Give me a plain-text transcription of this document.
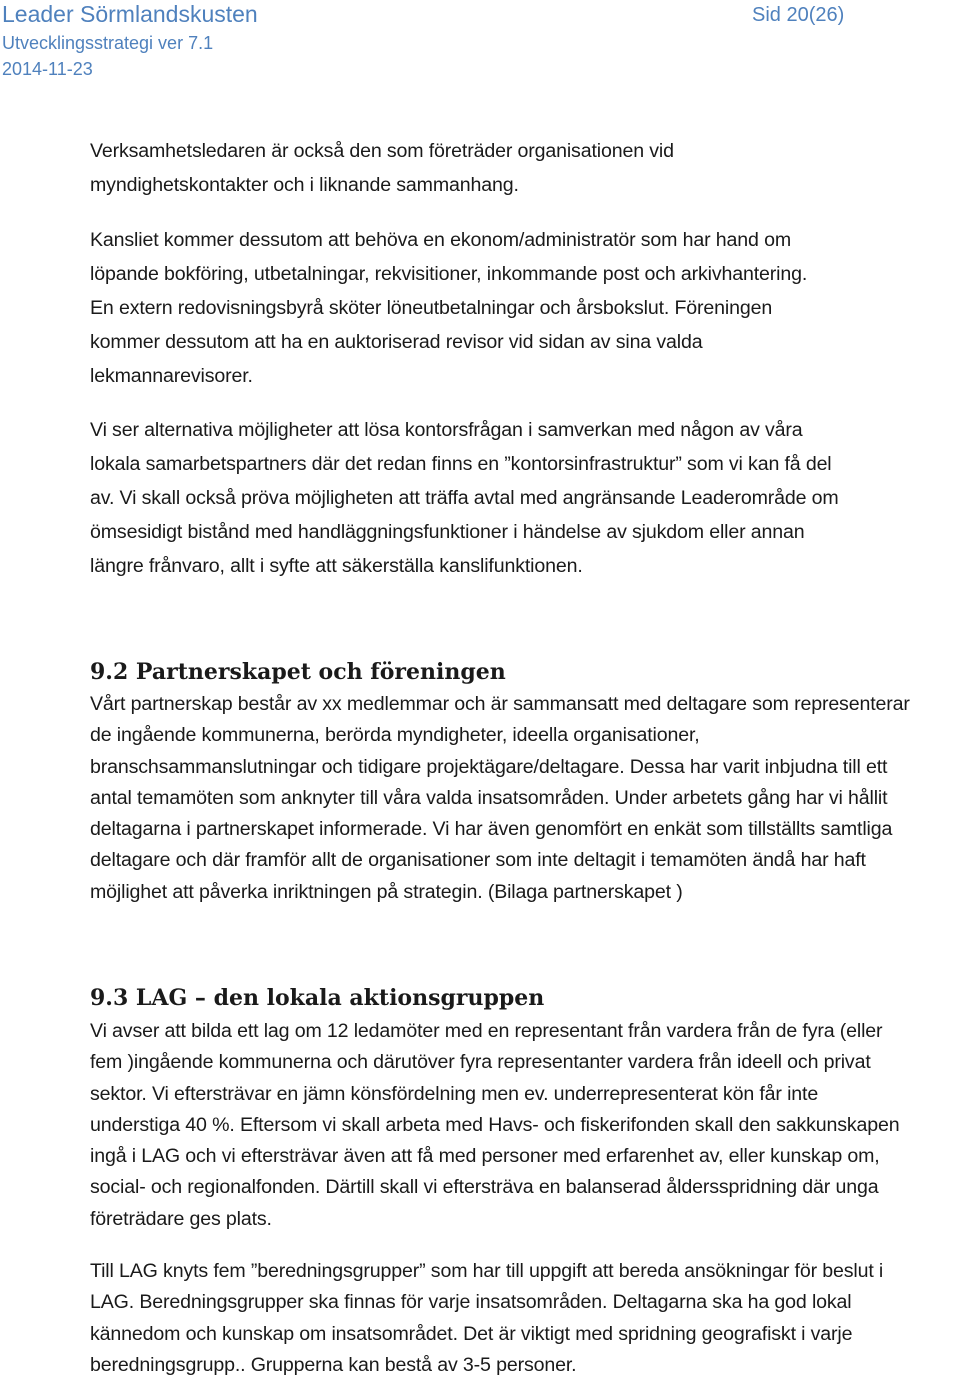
Leader Sörmlandskusten	Sid 20(26)
Utvecklingsstrategi ver 7.1
2014-11-23
Verksamhetsledaren är också den som företräder organisationen vid
myndighetskontakter och i liknande sammanhang.
Kansliet kommer dessutom att behöva en ekonom/administratör som har hand om
löpande bokföring, utbetalningar, rekvisitioner, inkommande post och arkivhantering.
En extern redovisningsbyrå sköter löneutbetalningar och årsbokslut. Föreningen
kommer dessutom att ha en auktoriserad revisor vid sidan av sina valda
lekmannarevisorer.
Vi ser alternativa möjligheter att lösa kontorsfrågan i samverkan med någon av våra
lokala samarbetspartners där det redan finns en ”kontorsinfrastruktur” som vi kan få del
av. Vi skall också pröva möjligheten att träffa avtal med angränsande Leaderområde om
ömsesidigt bistånd med handläggningsfunktioner i händelse av sjukdom eller annan
längre frånvaro, allt i syfte att säkerställa kanslifunktionen.
9.2 Partnerskapet och föreningen
Vårt partnerskap består av xx medlemmar och är sammansatt med deltagare som representerar
de ingående kommunerna, berörda myndigheter, ideella organisationer,
branschsammanslutningar och tidigare projektägare/deltagare. Dessa har varit inbjudna till ett
antal temamöten som anknyter till våra valda insatsområden. Under arbetets gång har vi hållit
deltagarna i partnerskapet informerade. Vi har även genomfört en enkät som tillställts samtliga
deltagare och där framför allt de organisationer som inte deltagit i temamöten ändå har haft
möjlighet att påverka inriktningen på strategin. (Bilaga partnerskapet )
9.3 LAG – den lokala aktionsgruppen
Vi avser att bilda ett lag om 12 ledamöter med en representant från vardera från de fyra (eller
fem )ingående kommunerna och därutöver fyra representanter vardera från ideell och privat
sektor. Vi eftersträvar en jämn könsfördelning men ev. underrepresenterat kön får inte
understiga 40 %. Eftersom vi skall arbeta med Havs- och fiskerifonden skall den sakkunskapen
ingå i LAG och vi eftersträvar även att få med personer med erfarenhet av, eller kunskap om,
social- och regionalfonden. Därtill skall vi eftersträva en balanserad åldersspridning där unga
företrädare ges plats.
Till LAG knyts fem ”beredningsgrupper” som har till uppgift att bereda ansökningar för beslut i
LAG. Beredningsgrupper ska finnas för varje insatsområden. Deltagarna ska ha god lokal
kännedom och kunskap om insatsområdet. Det är viktigt med spridning geografiskt i varje
beredningsgrupp.. Grupperna kan bestå av 3-5 personer.
